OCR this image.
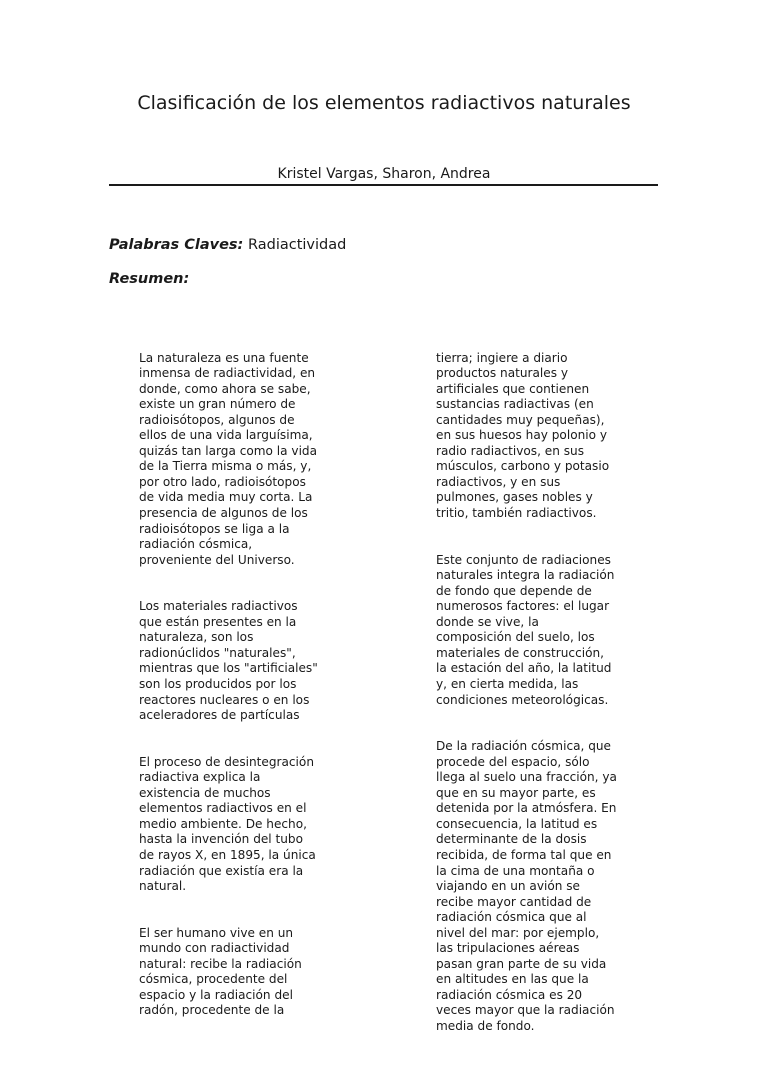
Clasificación de los elementos radiactivos naturales
Kristel Vargas, Sharon, Andrea
Palabras Claves: Radiactividad
Resumen:

La naturaleza es una fuente
inmensa de radiactividad, en
donde, como ahora se sabe,
existe un gran número de
radioisótopos, algunos de
ellos de una vida larguísima,
quizás tan larga como la vida
de la Tierra misma o más, y,
por otro lado, radioisótopos
de vida media muy corta. La
presencia de algunos de los
radioisótopos se liga a la
radiación cósmica,
proveniente del Universo.

Los materiales radiactivos
que están presentes en la
naturaleza, son los
radionúclidos "naturales",
mientras que los "artificiales"
son los producidos por los
reactores nucleares o en los
aceleradores de partículas

El proceso de desintegración
radiactiva explica la
existencia de muchos
elementos radiactivos en el
medio ambiente. De hecho,
hasta la invención del tubo
de rayos X, en 1895, la única
radiación que existía era la
natural.

El ser humano vive en un
mundo con radiactividad
natural: recibe la radiación
cósmica, procedente del
espacio y la radiación del
radón, procedente de la

tierra; ingiere a diario
productos naturales y
artificiales que contienen
sustancias radiactivas (en
cantidades muy pequeñas),
en sus huesos hay polonio y
radio radiactivos, en sus
músculos, carbono y potasio
radiactivos, y en sus
pulmones, gases nobles y
tritio, también radiactivos.

Este conjunto de radiaciones
naturales integra la radiación
de fondo que depende de
numerosos factores: el lugar
donde se vive, la
composición del suelo, los
materiales de construcción,
la estación del año, la latitud
y, en cierta medida, las
condiciones meteorológicas.

De la radiación cósmica, que
procede del espacio, sólo
llega al suelo una fracción, ya
que en su mayor parte, es
detenida por la atmósfera. En
consecuencia, la latitud es
determinante de la dosis
recibida, de forma tal que en
la cima de una montaña o
viajando en un avión se
recibe mayor cantidad de
radiación cósmica que al
nivel del mar: por ejemplo,
las tripulaciones aéreas
pasan gran parte de su vida
en altitudes en las que la
radiación cósmica es 20
veces mayor que la radiación
media de fondo.
